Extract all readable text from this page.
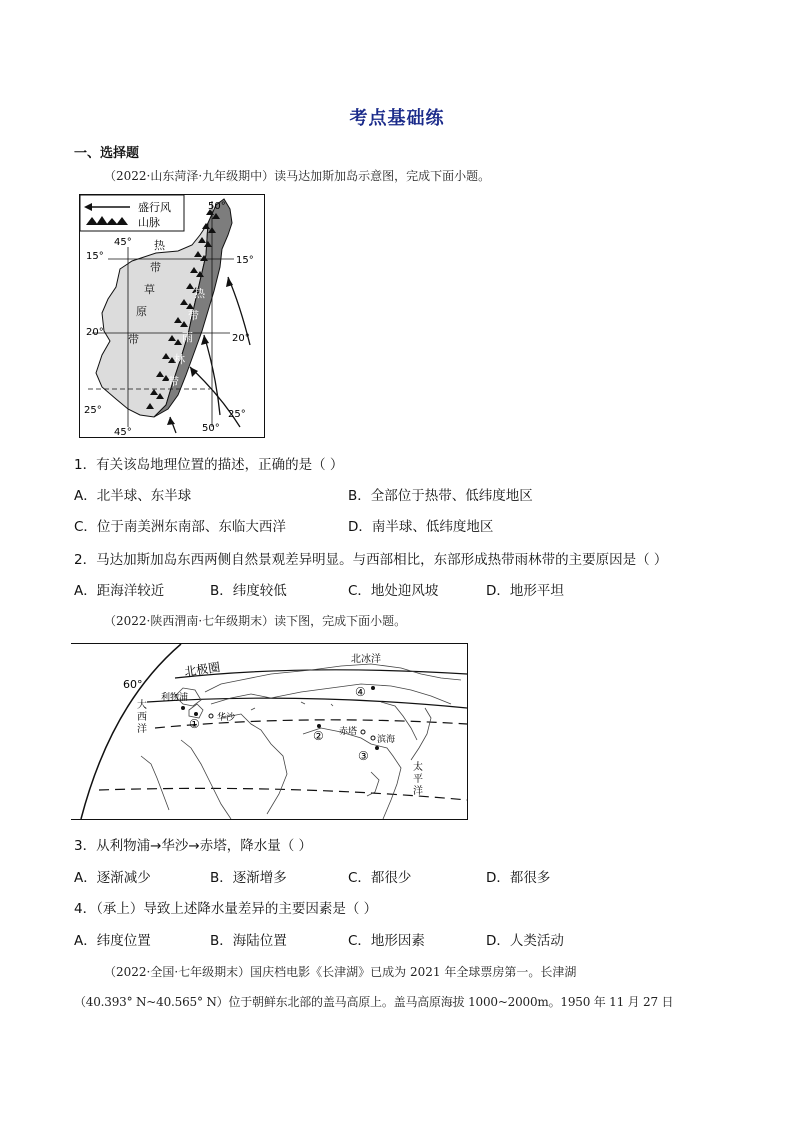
考点基础练
一、选择题
（2022·山东菏泽·九年级期中）读马达加斯加岛示意图，完成下面小题。
盛行风
山脉
50°
45°
15°	15°
20°
20°
25°	25°
45°	50°
热
带
草
原
带
热
带
雨
林
带
1．有关该岛地理位置的描述，正确的是（ ）
A．北半球、东半球	B．全部位于热带、低纬度地区
C．位于南美洲东南部、东临大西洋	D．南半球、低纬度地区
2．马达加斯加岛东西两侧自然景观差异明显。与西部相比，东部形成热带雨林带的主要原因是（ ）
A．距海洋较近	B．纬度较低	C．地处迎风坡	D．地形平坦
（2022·陕西渭南·七年级期末）读下图，完成下面小题。
北极圈
北冰洋
60°
大
西
洋
太
平
洋
利物浦
华沙
①
② 赤塔
滨海
③
④
3．从利物浦→华沙→赤塔，降水量（ ）
A．逐渐减少	B．逐渐增多	C．都很少	D．都很多
4．（承上）导致上述降水量差异的主要因素是（ ）
A．纬度位置	B．海陆位置	C．地形因素	D．人类活动
（2022·全国·七年级期末）国庆档电影《长津湖》已成为 2021 年全球票房第一。长津湖
（40.393° N~40.565° N）位于朝鲜东北部的盖马高原上。盖马高原海拔 1000~2000m。1950 年 11 月 27 日
